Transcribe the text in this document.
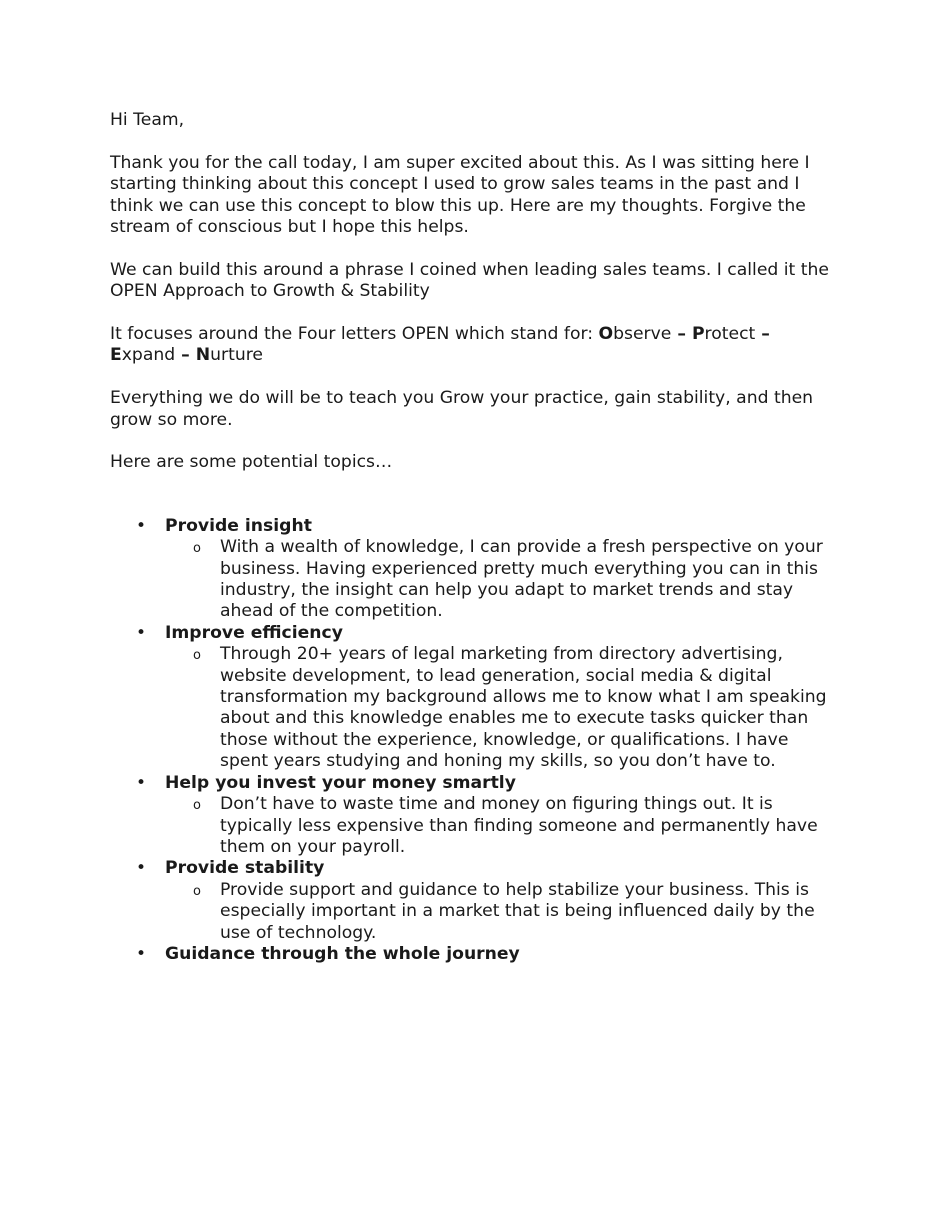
Hi Team,

Thank you for the call today, I am super excited about this. As I was sitting here I starting thinking about this concept I used to grow sales teams in the past and I think we can use this concept to blow this up. Here are my thoughts. Forgive the stream of conscious but I hope this helps.

We can build this around a phrase I coined when leading sales teams. I called it the OPEN Approach to Growth & Stability

It focuses around the Four letters OPEN which stand for: Observe – Protect – Expand – Nurture

Everything we do will be to teach you Grow your practice, gain stability, and then grow so more.

Here are some potential topics…

• Provide insight
o With a wealth of knowledge, I can provide a fresh perspective on your business. Having experienced pretty much everything you can in this industry, the insight can help you adapt to market trends and stay ahead of the competition.
• Improve efficiency
o Through 20+ years of legal marketing from directory advertising, website development, to lead generation, social media & digital transformation my background allows me to know what I am speaking about and this knowledge enables me to execute tasks quicker than those without the experience, knowledge, or qualifications. I have spent years studying and honing my skills, so you don’t have to.
• Help you invest your money smartly
o Don’t have to waste time and money on figuring things out. It is typically less expensive than finding someone and permanently have them on your payroll.
• Provide stability
o Provide support and guidance to help stabilize your business. This is especially important in a market that is being influenced daily by the use of technology.
• Guidance through the whole journey
